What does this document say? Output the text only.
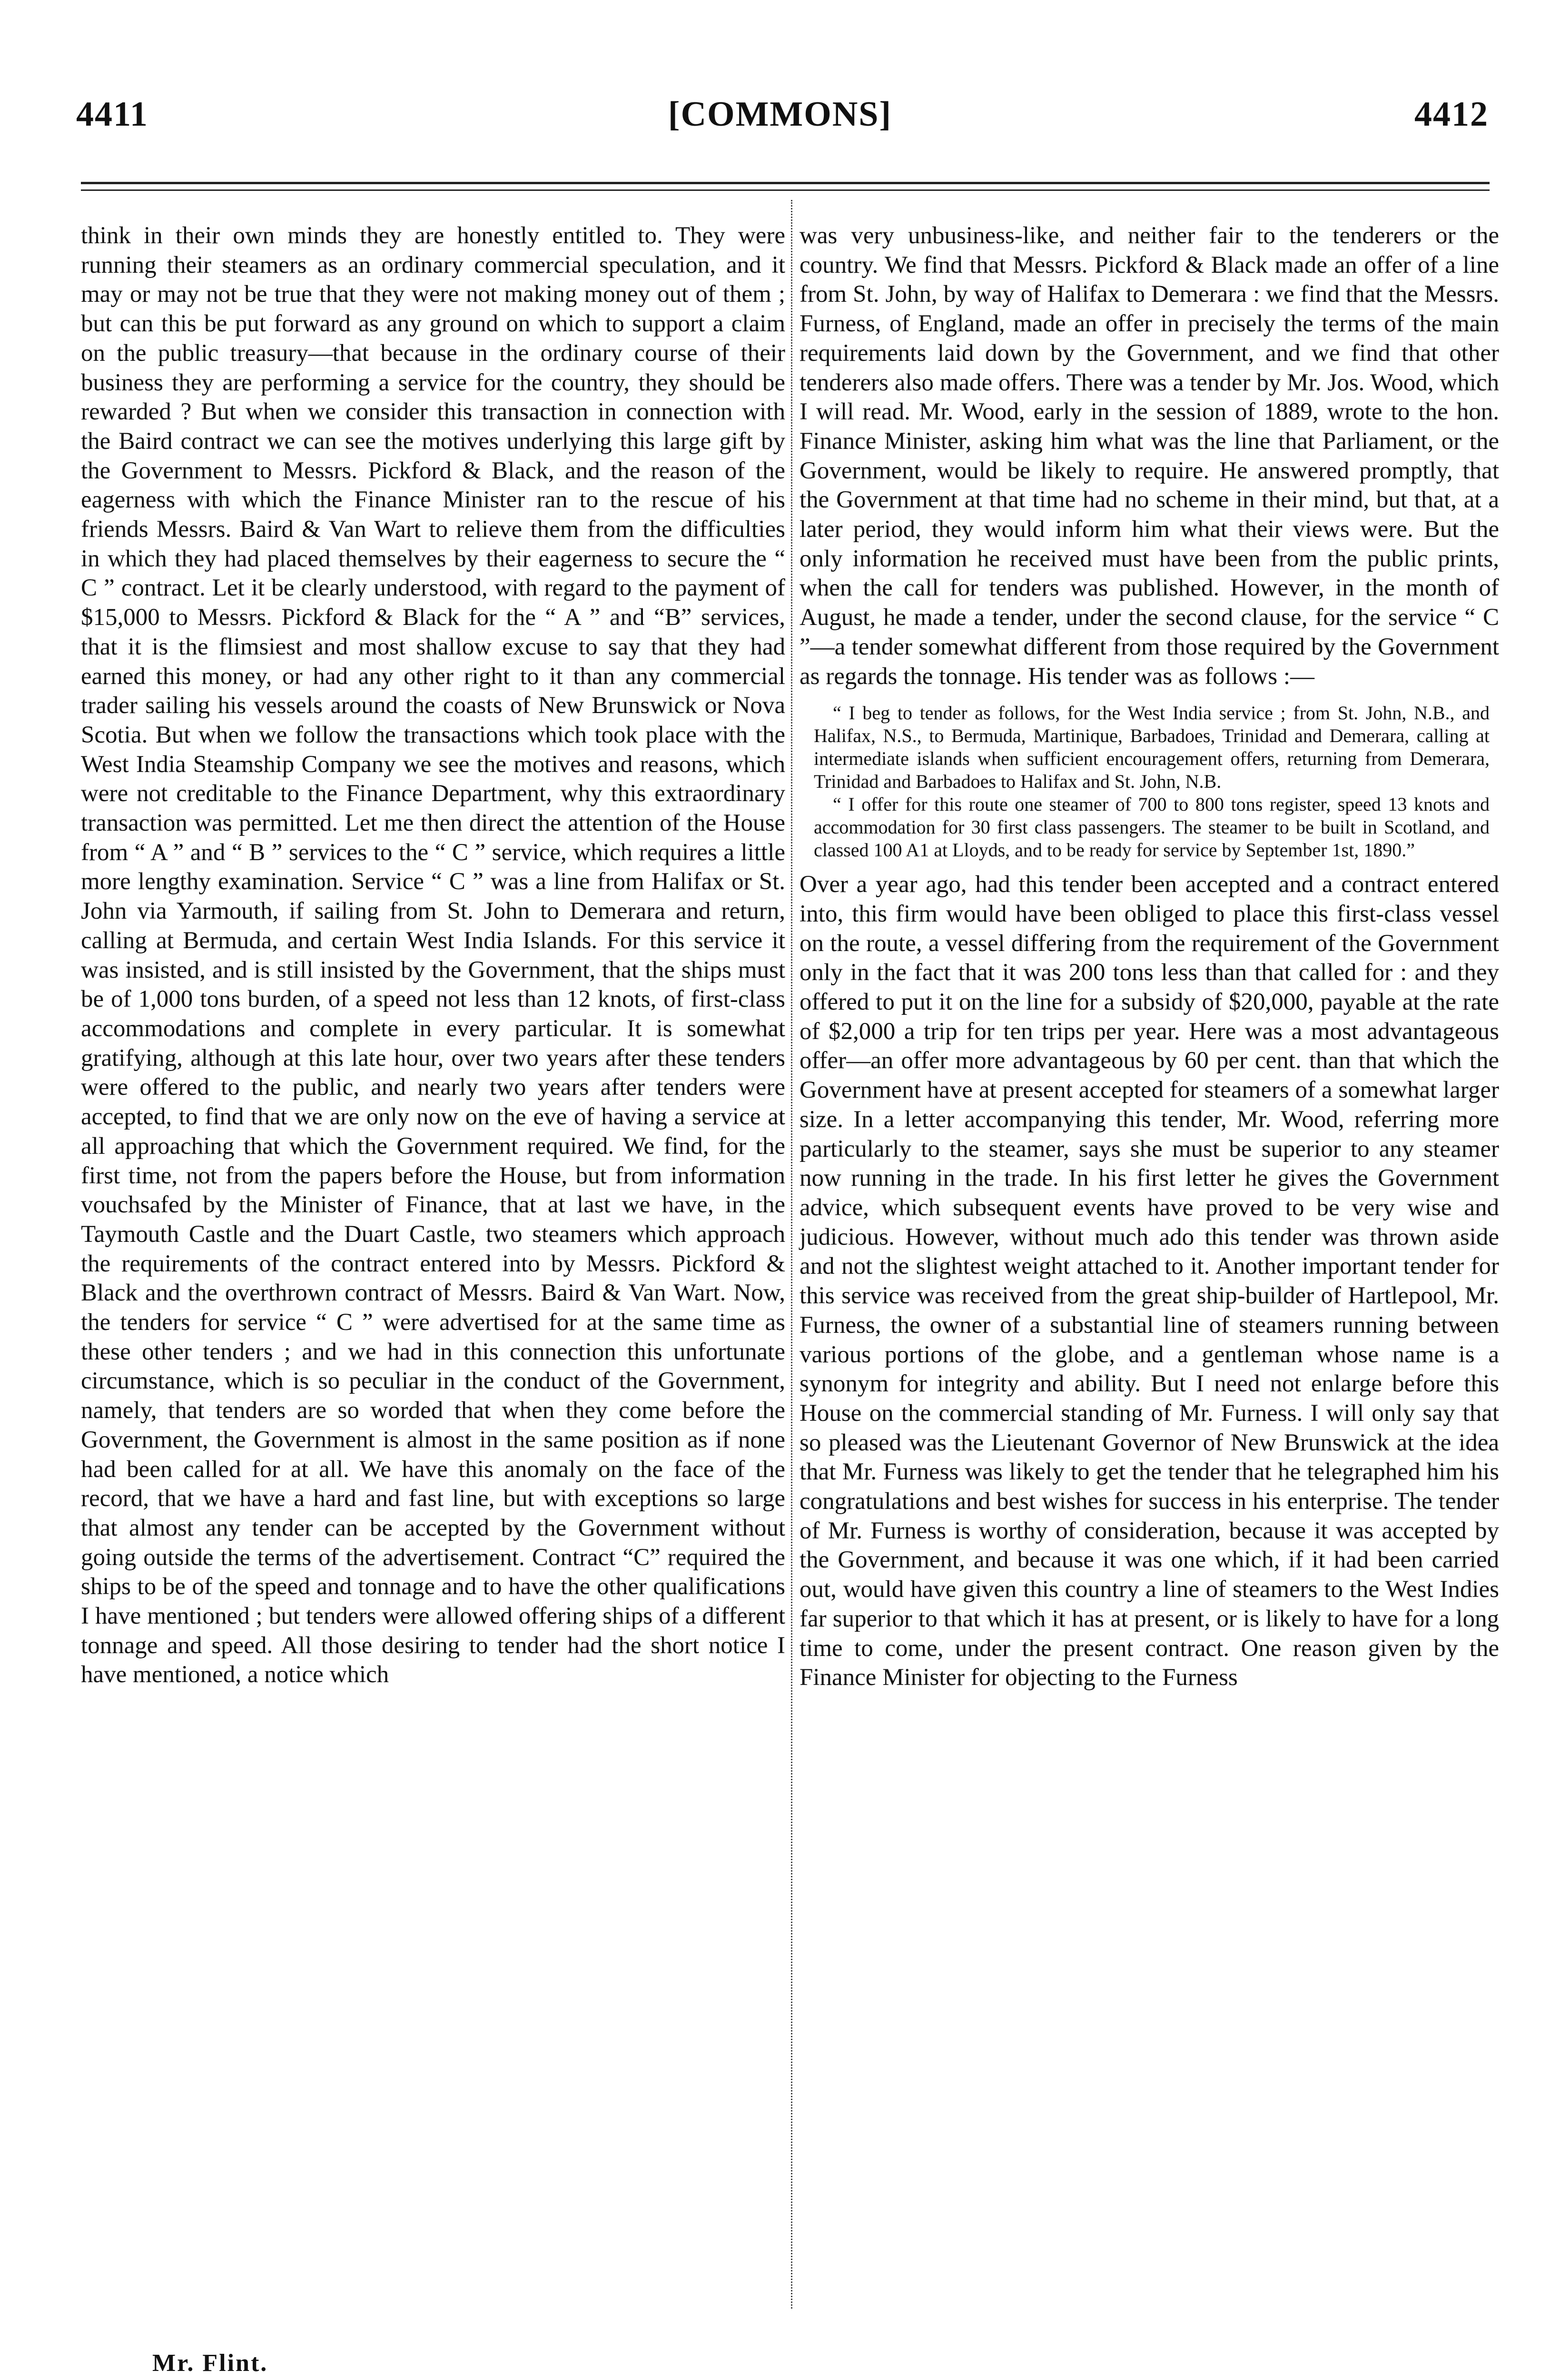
4411	[COMMONS]	4412

think in their own minds they are honestly entitled to. They were running their steamers as an ordinary commercial speculation, and it may or may not be true that they were not making money out of them ; but can this be put forward as any ground on which to support a claim on the public treasury—that because in the ordinary course of their business they are performing a service for the country, they should be rewarded ? But when we consider this transaction in connection with the Baird contract we can see the motives underlying this large gift by the Government to Messrs. Pickford & Black, and the reason of the eagerness with which the Finance Minister ran to the rescue of his friends Messrs. Baird & Van Wart to relieve them from the difficulties in which they had placed themselves by their eagerness to secure the “ C ” contract. Let it be clearly understood, with regard to the payment of $15,000 to Messrs. Pickford & Black for the “ A ” and “B” services, that it is the flimsiest and most shallow excuse to say that they had earned this money, or had any other right to it than any commercial trader sailing his vessels around the coasts of New Brunswick or Nova Scotia. But when we follow the transactions which took place with the West India Steamship Company we see the motives and reasons, which were not creditable to the Finance Department, why this extraordinary transaction was permitted. Let me then direct the attention of the House from “ A ” and “ B ” services to the “ C ” service, which requires a little more lengthy examination. Service “ C ” was a line from Halifax or St. John via Yarmouth, if sailing from St. John to Demerara and return, calling at Bermuda, and certain West India Islands. For this service it was insisted, and is still insisted by the Government, that the ships must be of 1,000 tons burden, of a speed not less than 12 knots, of first-class accommodations and complete in every particular. It is somewhat gratifying, although at this late hour, over two years after these tenders were offered to the public, and nearly two years after tenders were accepted, to find that we are only now on the eve of having a service at all approaching that which the Government required. We find, for the first time, not from the papers before the House, but from information vouchsafed by the Minister of Finance, that at last we have, in the Taymouth Castle and the Duart Castle, two steamers which approach the requirements of the contract entered into by Messrs. Pickford & Black and the overthrown contract of Messrs. Baird & Van Wart. Now, the tenders for service “ C ” were advertised for at the same time as these other tenders ; and we had in this connection this unfortunate circumstance, which is so peculiar in the conduct of the Government, namely, that tenders are so worded that when they come before the Government, the Government is almost in the same position as if none had been called for at all. We have this anomaly on the face of the record, that we have a hard and fast line, but with exceptions so large that almost any tender can be accepted by the Government without going outside the terms of the advertisement. Contract “C” required the ships to be of the speed and tonnage and to have the other qualifications I have mentioned ; but tenders were allowed offering ships of a different tonnage and speed. All those desiring to tender had the short notice I have mentioned, a notice which

was very unbusiness-like, and neither fair to the tenderers or the country. We find that Messrs. Pickford & Black made an offer of a line from St. John, by way of Halifax to Demerara : we find that the Messrs. Furness, of England, made an offer in precisely the terms of the main requirements laid down by the Government, and we find that other tenderers also made offers. There was a tender by Mr. Jos. Wood, which I will read. Mr. Wood, early in the session of 1889, wrote to the hon. Finance Minister, asking him what was the line that Parliament, or the Government, would be likely to require. He answered promptly, that the Government at that time had no scheme in their mind, but that, at a later period, they would inform him what their views were. But the only information he received must have been from the public prints, when the call for tenders was published. However, in the month of August, he made a tender, under the second clause, for the service “ C ”—a tender somewhat different from those required by the Government as regards the tonnage. His tender was as follows :—

“ I beg to tender as follows, for the West India service ; from St. John, N.B., and Halifax, N.S., to Bermuda, Martinique, Barbadoes, Trinidad and Demerara, calling at intermediate islands when sufficient encouragement offers, returning from Demerara, Trinidad and Barbadoes to Halifax and St. John, N.B.

“ I offer for this route one steamer of 700 to 800 tons register, speed 13 knots and accommodation for 30 first class passengers. The steamer to be built in Scotland, and classed 100 A1 at Lloyds, and to be ready for service by September 1st, 1890.”

Over a year ago, had this tender been accepted and a contract entered into, this firm would have been obliged to place this first-class vessel on the route, a vessel differing from the requirement of the Government only in the fact that it was 200 tons less than that called for : and they offered to put it on the line for a subsidy of $20,000, payable at the rate of $2,000 a trip for ten trips per year. Here was a most advantageous offer—an offer more advantageous by 60 per cent. than that which the Government have at present accepted for steamers of a somewhat larger size. In a letter accompanying this tender, Mr. Wood, referring more particularly to the steamer, says she must be superior to any steamer now running in the trade. In his first letter he gives the Government advice, which subsequent events have proved to be very wise and judicious. However, without much ado this tender was thrown aside and not the slightest weight attached to it. Another important tender for this service was received from the great ship-builder of Hartlepool, Mr. Furness, the owner of a substantial line of steamers running between various portions of the globe, and a gentleman whose name is a synonym for integrity and ability. But I need not enlarge before this House on the commercial standing of Mr. Furness. I will only say that so pleased was the Lieutenant Governor of New Brunswick at the idea that Mr. Furness was likely to get the tender that he telegraphed him his congratulations and best wishes for success in his enterprise. The tender of Mr. Furness is worthy of consideration, because it was accepted by the Government, and because it was one which, if it had been carried out, would have given this country a line of steamers to the West Indies far superior to that which it has at present, or is likely to have for a long time to come, under the present contract. One reason given by the Finance Minister for objecting to the Furness

Mr. Flint.
